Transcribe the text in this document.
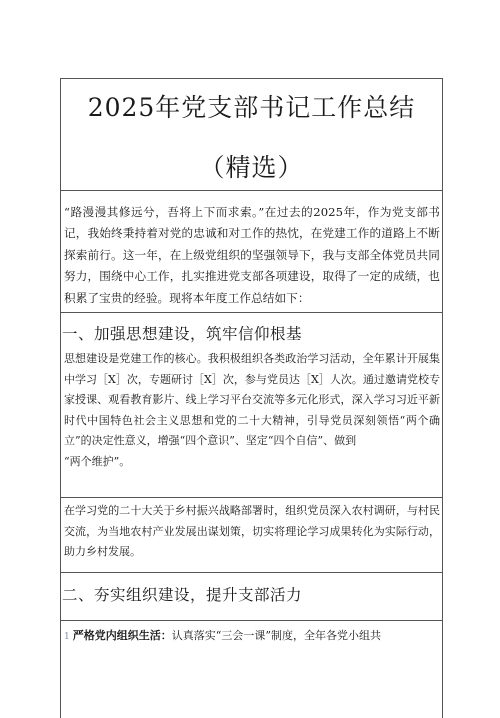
2025年党支部书记工作总结
（精选）
“路漫漫其修远兮，吾将上下而求索。”在过去的2025年，作为党支部书记，我始终秉持着对党的忠诚和对工作的热忱，在党建工作的道路上不断探索前行。这一年，在上级党组织的坚强领导下，我与支部全体党员共同努力，围绕中心工作，扎实推进党支部各项建设，取得了一定的成绩，也积累了宝贵的经验。现将本年度工作总结如下：
一、加强思想建设，筑牢信仰根基
思想建设是党建工作的核心。我积极组织各类政治学习活动，全年累计开展集中学习［X］次，专题研讨［X］次，参与党员达［X］人次。通过邀请党校专家授课、观看教育影片、线上学习平台交流等多元化形式，深入学习习近平新时代中国特色社会主义思想和党的二十大精神，引导党员深刻领悟“两个确立”的决定性意义，增强“四个意识”、坚定“四个自信”、做到
“两个维护”。
在学习党的二十大关于乡村振兴战略部署时，组织党员深入农村调研，与村民交流，为当地农村产业发展出谋划策，切实将理论学习成果转化为实际行动，助力乡村发展。
二、夯实组织建设，提升支部活力
1 严格党内组织生活：认真落实“三会一课”制度，全年各党小组共
